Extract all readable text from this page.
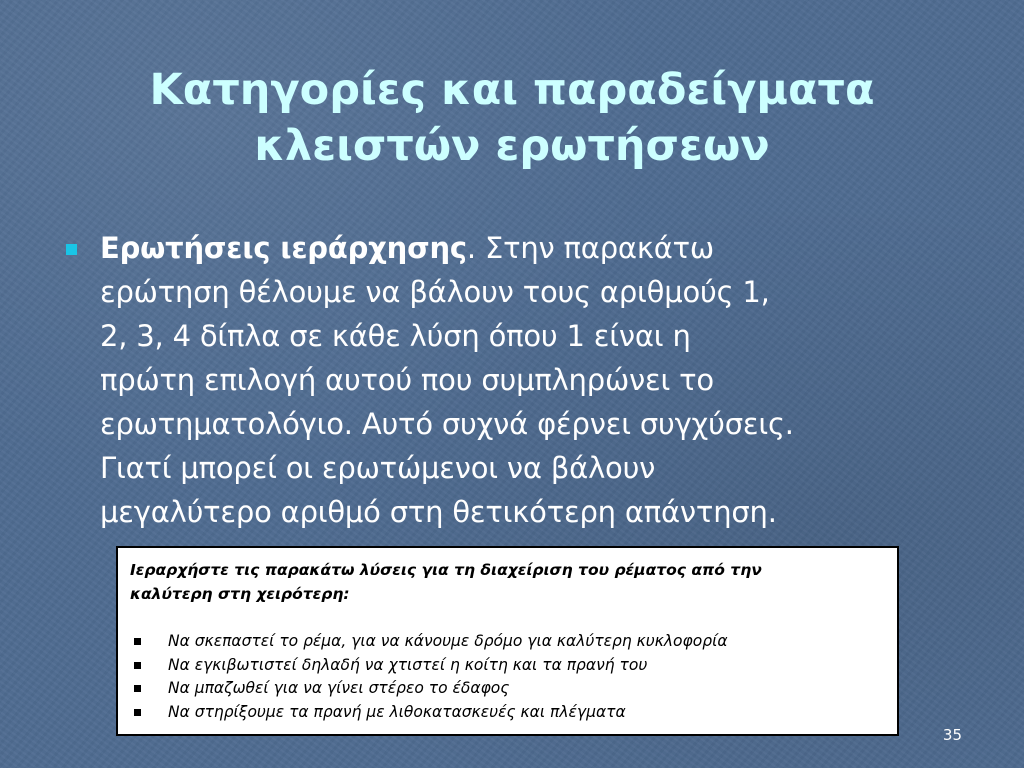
Κατηγορίες και παραδείγματα
κλειστών ερωτήσεων
Ερωτήσεις ιεράρχησης. Στην παρακάτω
ερώτηση θέλουμε να βάλουν τους αριθμούς 1,
2, 3, 4 δίπλα σε κάθε λύση όπου 1 είναι η
πρώτη επιλογή αυτού που συμπληρώνει το
ερωτηματολόγιο. Αυτό συχνά φέρνει συγχύσεις.
Γιατί μπορεί οι ερωτώμενοι να βάλουν
μεγαλύτερο αριθμό στη θετικότερη απάντηση.
Ιεραρχήστε τις παρακάτω λύσεις για τη διαχείριση του ρέματος από την
καλύτερη στη χειρότερη:
Να σκεπαστεί το ρέμα, για να κάνουμε δρόμο για καλύτερη κυκλοφορία
Να εγκιβωτιστεί δηλαδή να χτιστεί η κοίτη και τα πρανή του
Να μπαζωθεί για να γίνει στέρεο το έδαφος
Να στηρίξουμε τα πρανή με λιθοκατασκευές και πλέγματα
35
